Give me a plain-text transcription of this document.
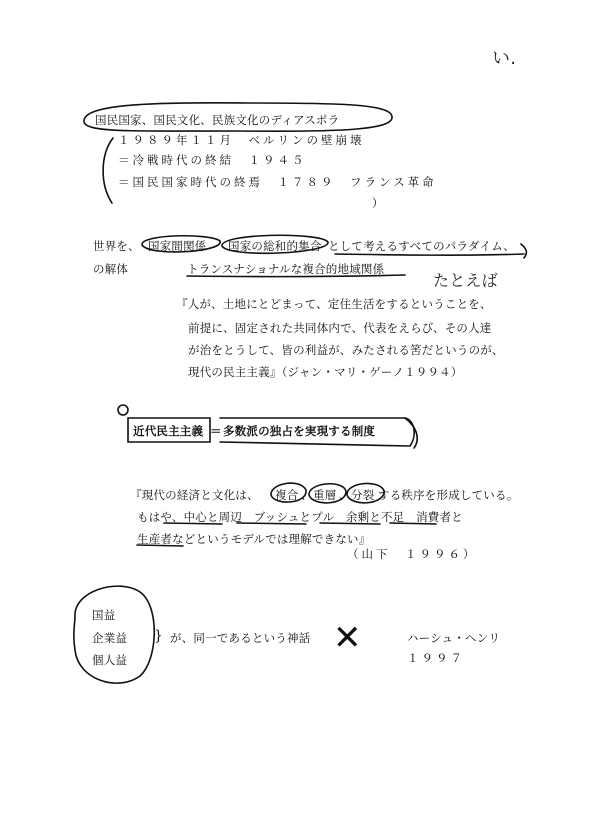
い.
国民国家、国民文化、民族文化のディアスポラ
１９８９年１１月　ベルリンの壁崩壊
＝冷戦時代の終結　１９４５
＝国民国家時代の終焉　１７８９　フランス革命
）
世界を、 国家間関係 国家の総和的集合 として考えるすべてのパラダイム、
の解体	トランスナショナルな複合的地域関係
たとえば
『人が、土地にとどまって、定住生活をするということを、
前提に、固定された共同体内で、代表をえらび、その人達
が治をとうして、皆の利益が、みたされる筈だというのが、
現代の民主主義』（ジャン・マリ・ゲーノ１９９４）
近代民主主義 ＝ 多数派の独占を実現する制度
『現代の経済と文化は、 複合 、 重層 、 分裂 する秩序を形成している。
もはや、中心と周辺　ブッシュとプル　余剰と不足　消費者と
生産者などというモデルでは理解できない』
（山下　１９９６）
国益
企業益
個人益
} が、同一であるという神話 ✕	ハーシュ・ヘンリ
１９９７
